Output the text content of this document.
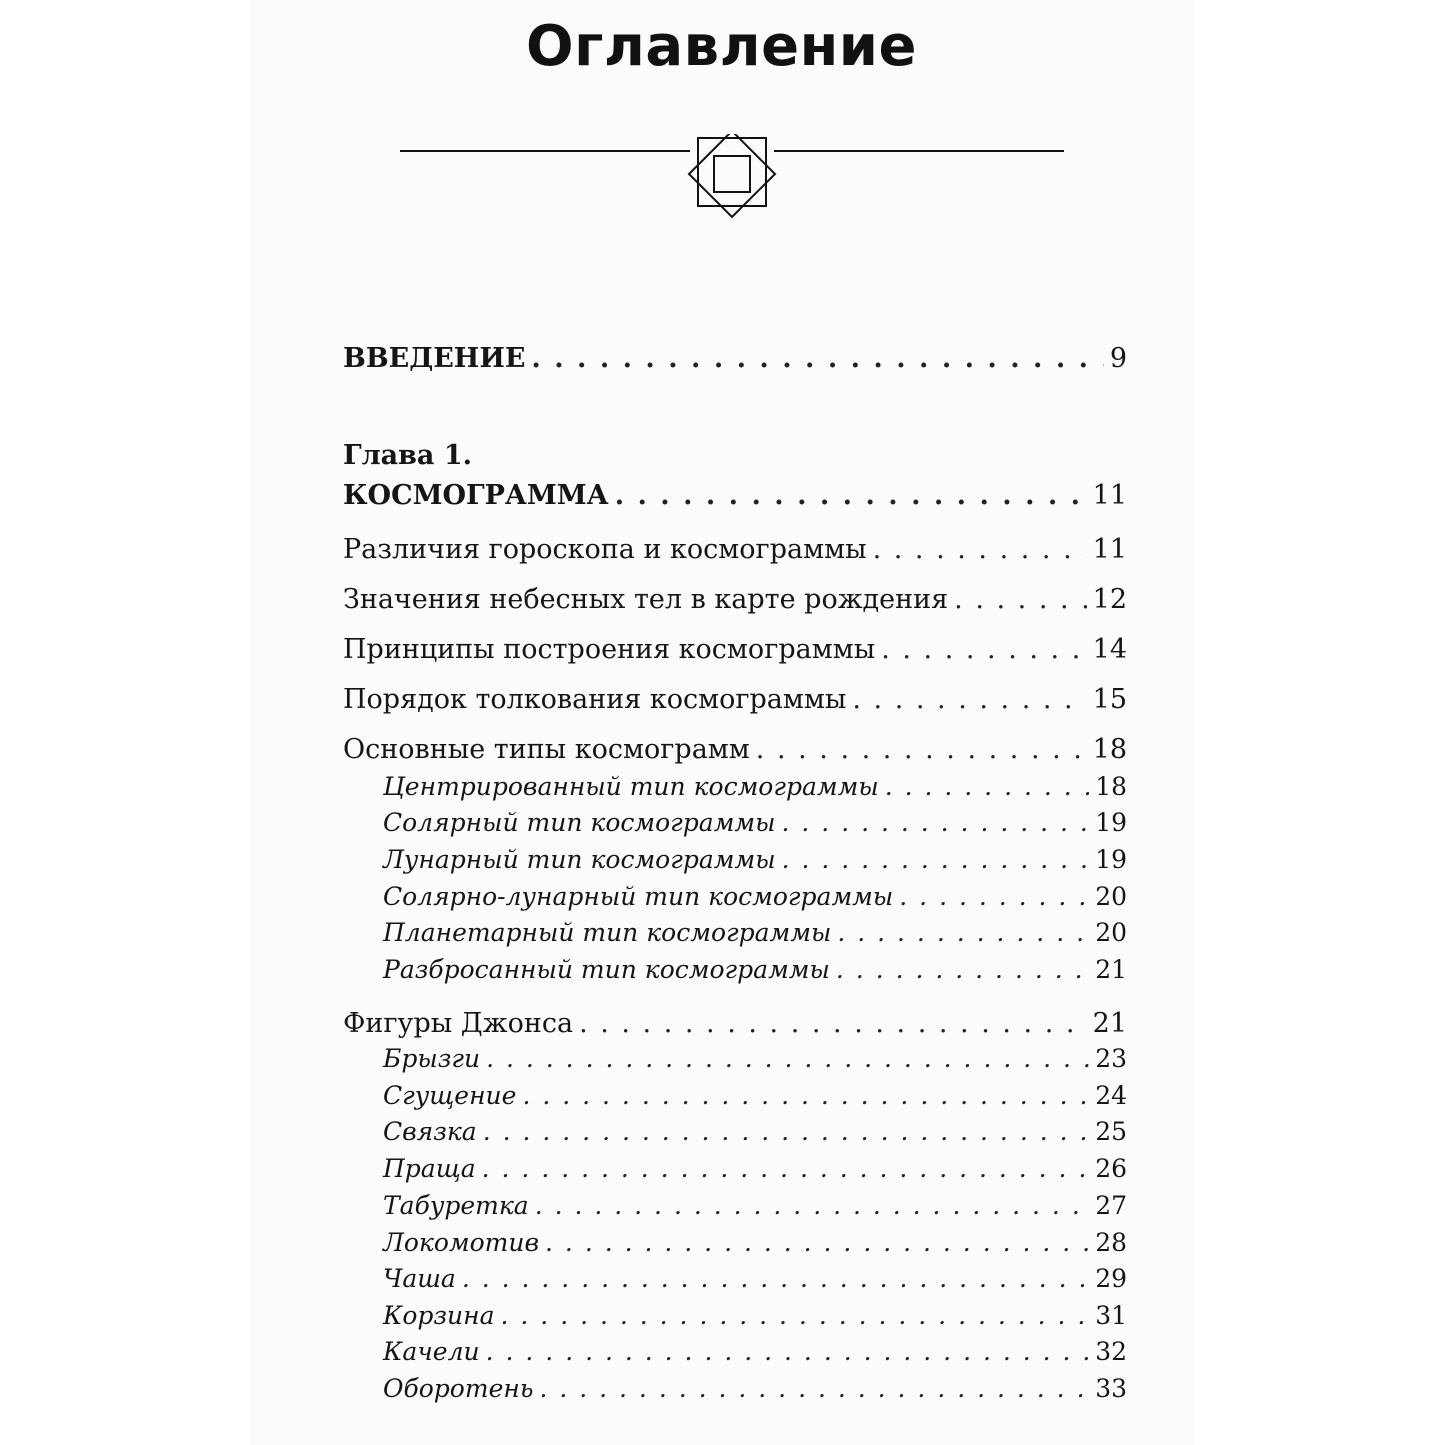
Оглавление
ВВЕДЕНИЕ . . .	9
Глава 1.
КОСМОГРАММА . . .	11
Различия гороскопа и космограммы . . .	11
Значения небесных тел в карте рождения . . .	12
Принципы построения космограммы . . .	14
Порядок толкования космограммы . . .	15
Основные типы космограмм . . .	18
Центрированный тип космограммы . . .	18
Солярный тип космограммы . . .	19
Лунарный тип космограммы . . .	19
Солярно-лунарный тип космограммы . . .	20
Планетарный тип космограммы . . .	20
Разбросанный тип космограммы . . .	21
Фигуры Джонса . . .	21
Брызги . . .	23
Сгущение . . .	24
Связка . . .	25
Праща . . .	26
Табуретка . . .	27
Локомотив . . .	28
Чаша . . .	29
Корзина . . .	31
Качели . . .	32
Оборотень . . .	33
